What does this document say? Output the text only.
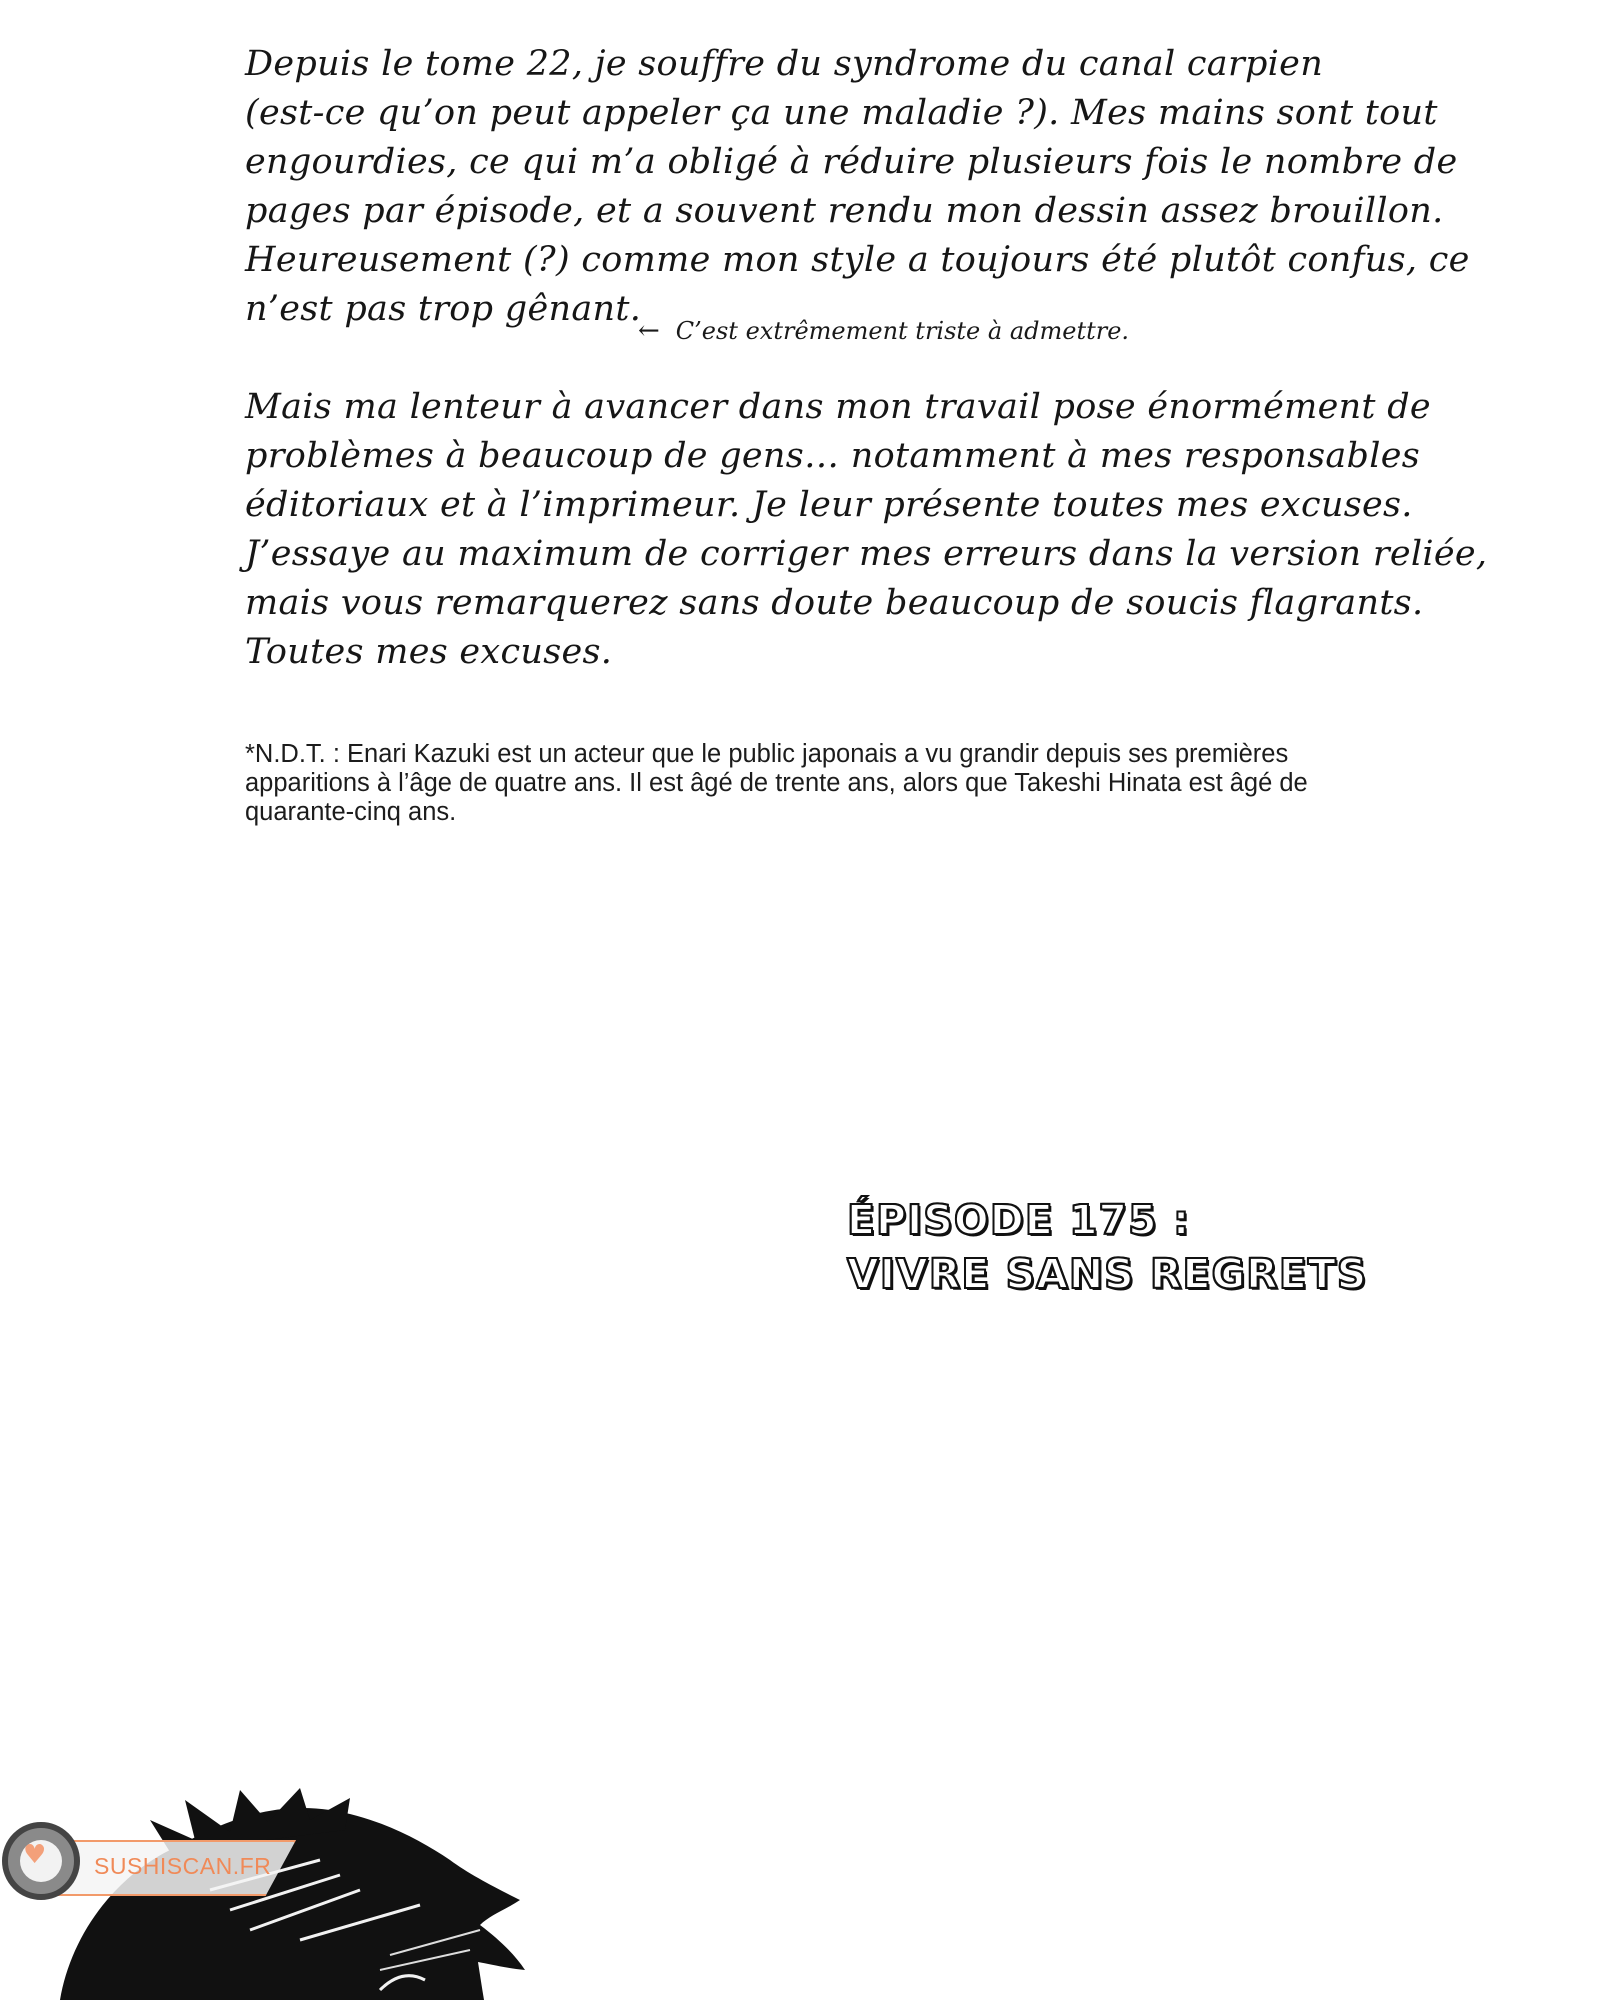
Depuis le tome 22, je souffre du syndrome du canal carpien
(est-ce qu’on peut appeler ça une maladie ?). Mes mains sont tout
engourdies, ce qui m’a obligé à réduire plusieurs fois le nombre de
pages par épisode, et a souvent rendu mon dessin assez brouillon.
Heureusement (?) comme mon style a toujours été plutôt confus, ce
n’est pas trop gênant.
← C’est extrêmement triste à admettre.
Mais ma lenteur à avancer dans mon travail pose énormément de
problèmes à beaucoup de gens… notamment à mes responsables
éditoriaux et à l’imprimeur. Je leur présente toutes mes excuses.
J’essaye au maximum de corriger mes erreurs dans la version reliée,
mais vous remarquerez sans doute beaucoup de soucis flagrants.
Toutes mes excuses.
*N.D.T. : Enari Kazuki est un acteur que le public japonais a vu grandir depuis ses premières apparitions à l’âge de quatre ans. Il est âgé de trente ans, alors que Takeshi Hinata est âgé de quarante-cinq ans.
ÉPISODE 175 :
VIVRE SANS REGRETS
SUSHISCAN.FR
♥
